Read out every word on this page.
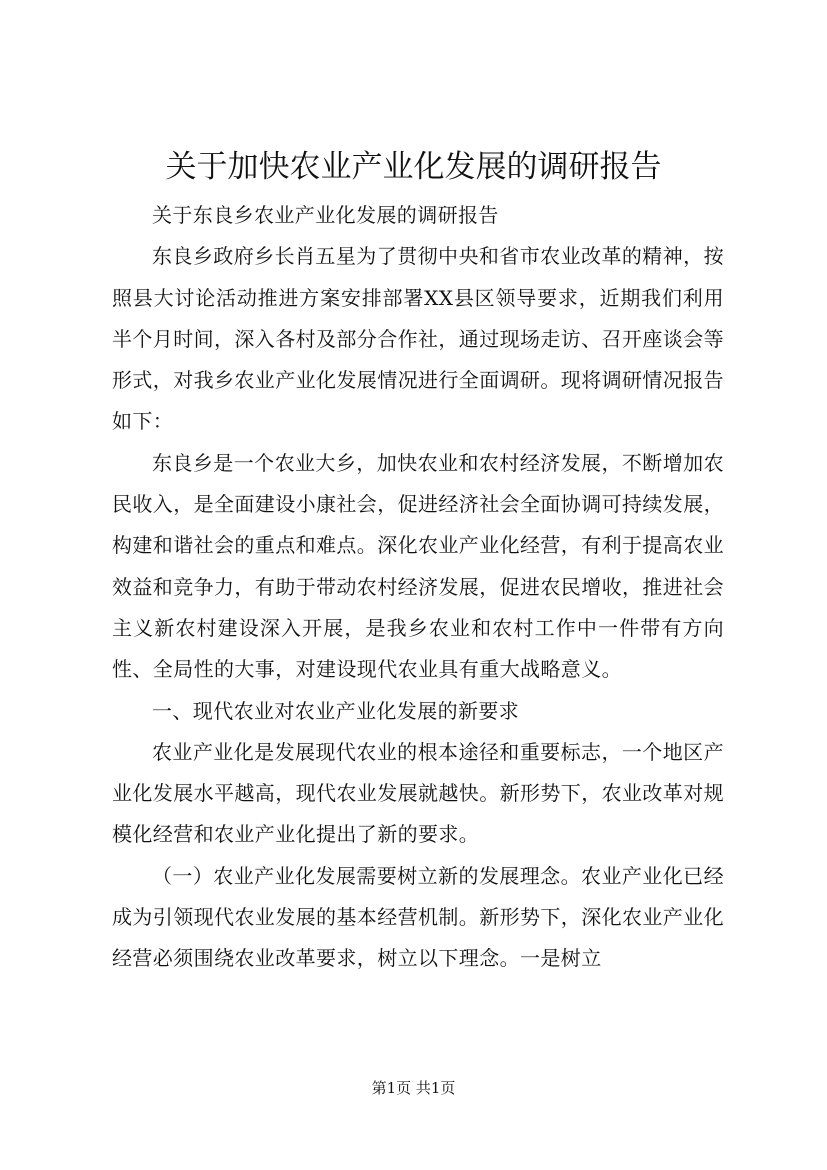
关于加快农业产业化发展的调研报告

关于东良乡农业产业化发展的调研报告

东良乡政府乡长肖五星为了贯彻中央和省市农业改革的精神，按照县大讨论活动推进方案安排部署XX县区领导要求，近期我们利用半个月时间，深入各村及部分合作社，通过现场走访、召开座谈会等形式，对我乡农业产业化发展情况进行全面调研。现将调研情况报告如下：

东良乡是一个农业大乡，加快农业和农村经济发展，不断增加农民收入，是全面建设小康社会，促进经济社会全面协调可持续发展，构建和谐社会的重点和难点。深化农业产业化经营，有利于提高农业效益和竞争力，有助于带动农村经济发展，促进农民增收，推进社会主义新农村建设深入开展，是我乡农业和农村工作中一件带有方向性、全局性的大事，对建设现代农业具有重大战略意义。

一、现代农业对农业产业化发展的新要求

农业产业化是发展现代农业的根本途径和重要标志，一个地区产业化发展水平越高，现代农业发展就越快。新形势下，农业改革对规模化经营和农业产业化提出了新的要求。

（一）农业产业化发展需要树立新的发展理念。农业产业化已经成为引领现代农业发展的基本经营机制。新形势下，深化农业产业化经营必须围绕农业改革要求，树立以下理念。一是树立

第1页 共1页
